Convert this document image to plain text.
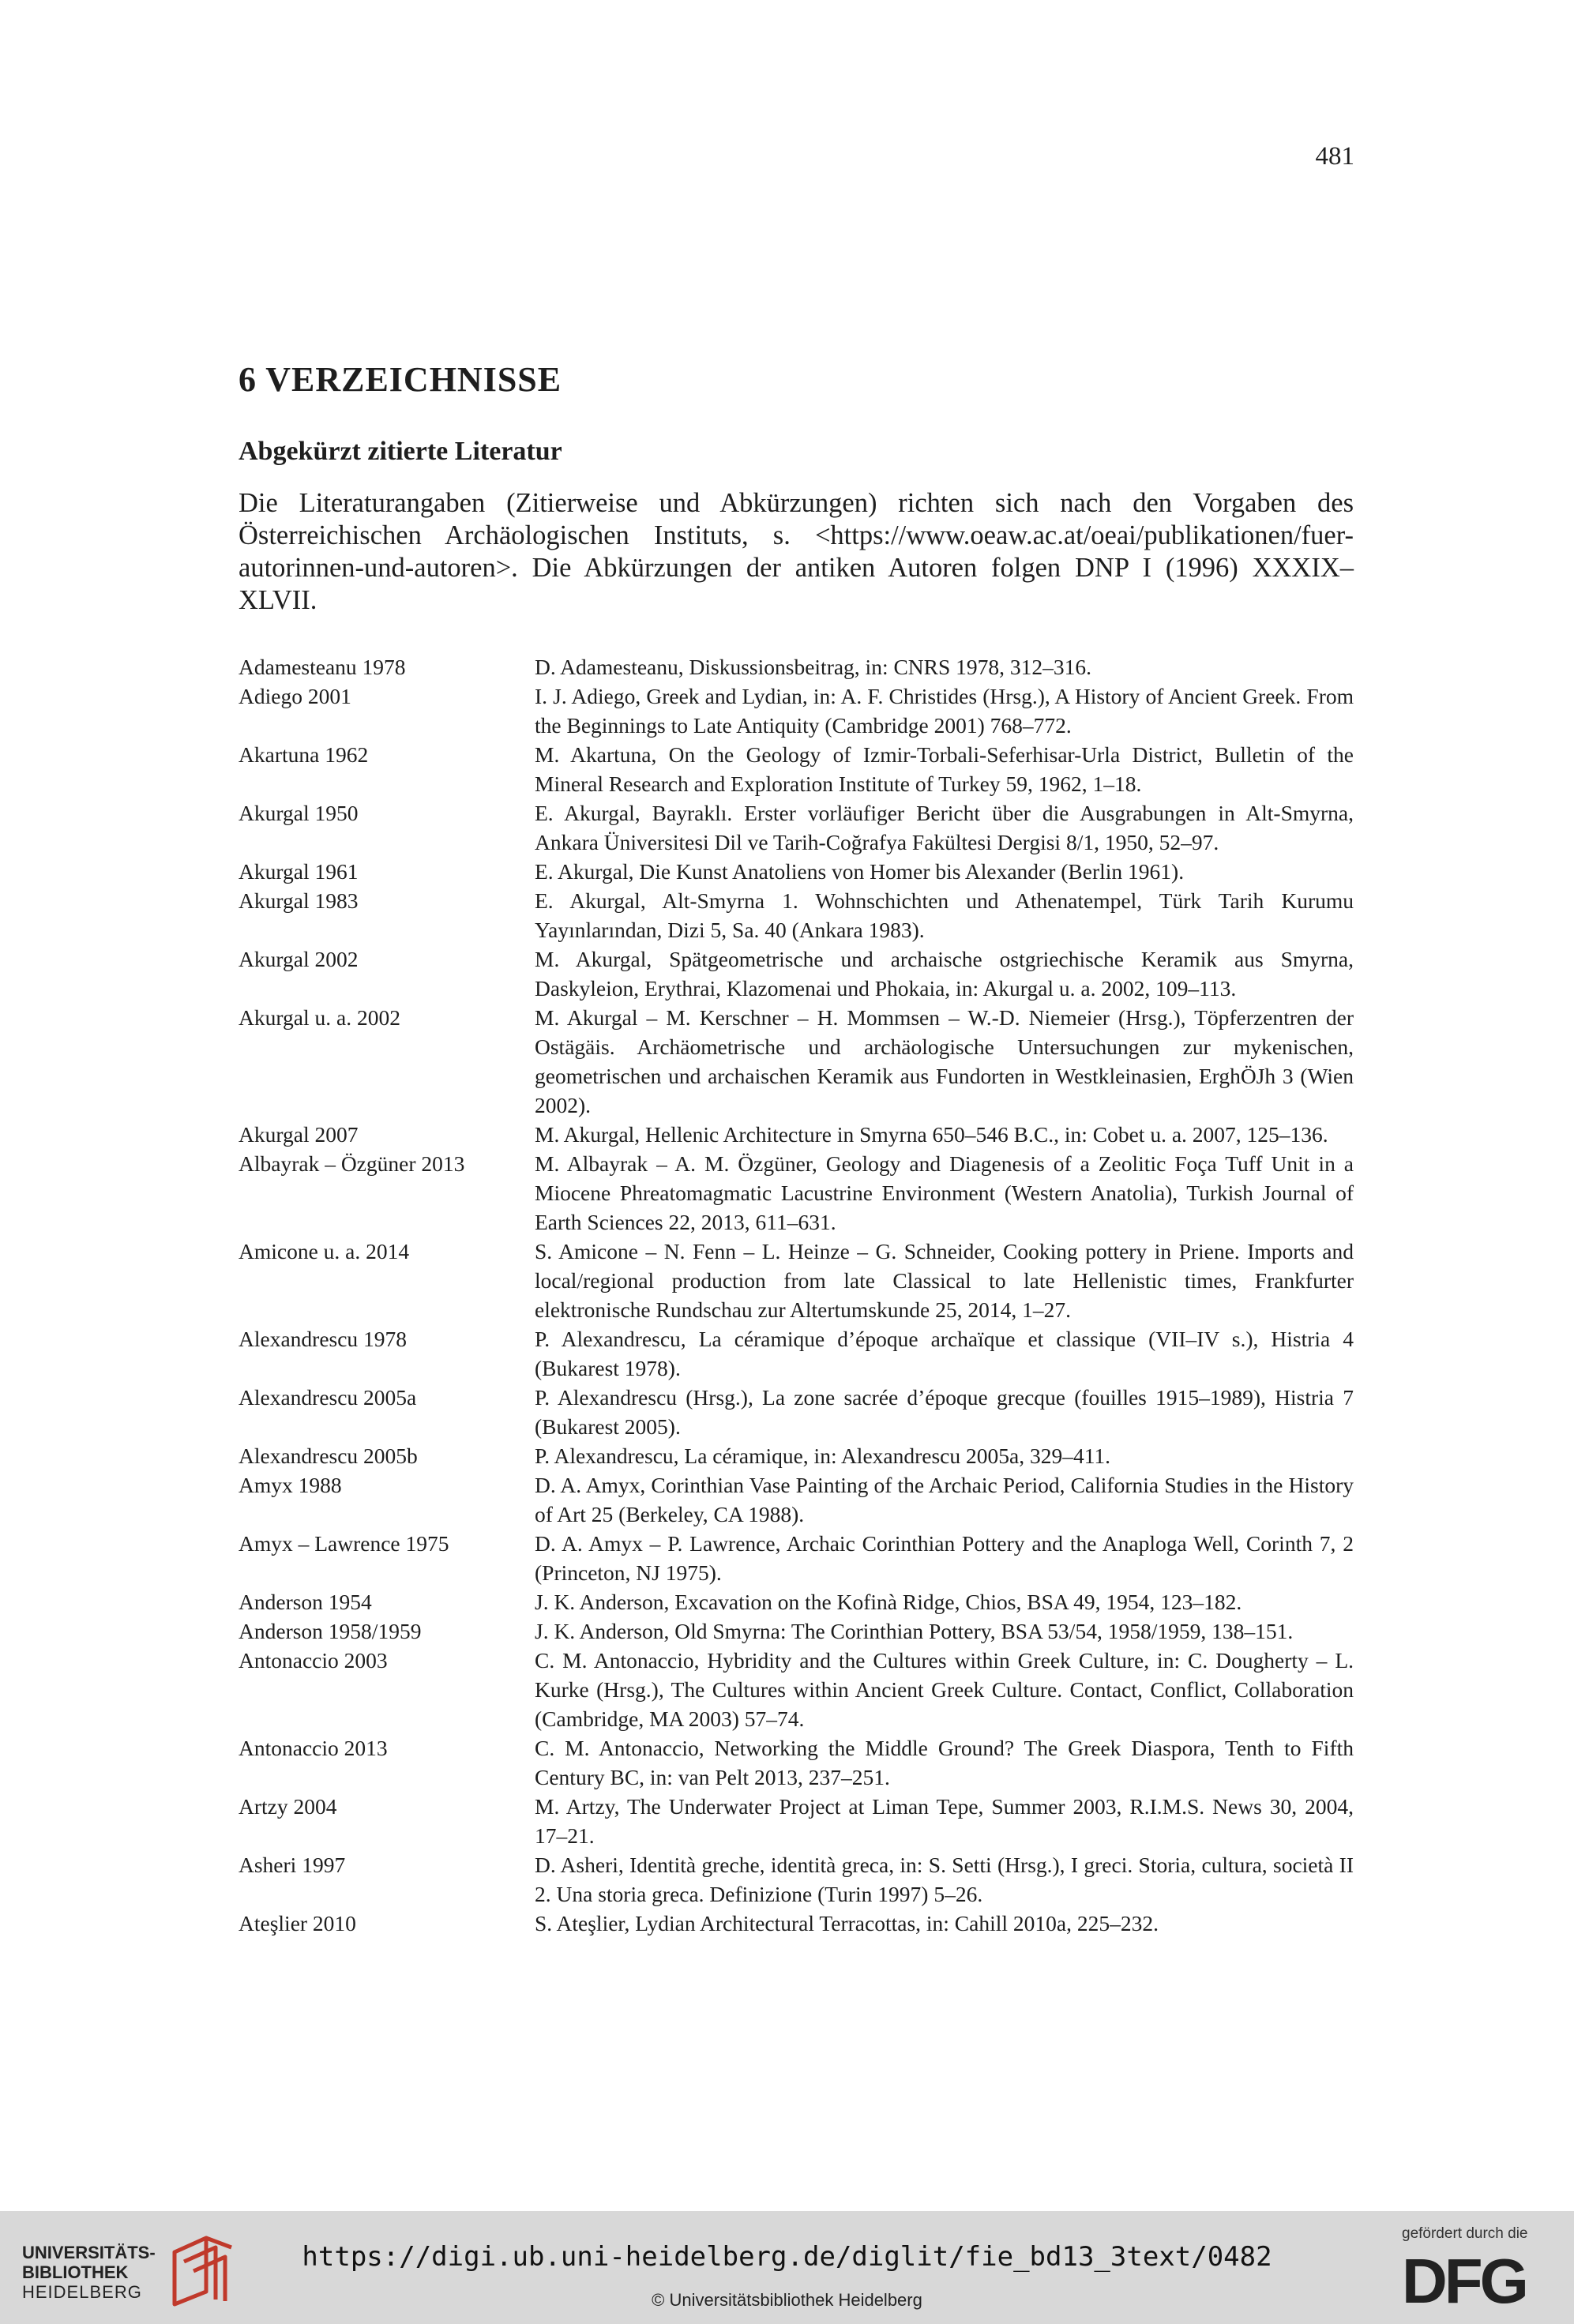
481
6 VERZEICHNISSE
Abgekürzt zitierte Literatur

Die Literaturangaben (Zitierweise und Abkürzungen) richten sich nach den Vorgaben des Österreichischen Archäologischen Instituts, s. <https://www.oeaw.ac.at/oeai/publikationen/fuer-autorinnen-und-autoren>. Die Abkürzungen der antiken Autoren folgen DNP I (1996) XXXIX–XLVII.

Adamesteanu 1978	D. Adamesteanu, Diskussionsbeitrag, in: CNRS 1978, 312–316.
Adiego 2001	I. J. Adiego, Greek and Lydian, in: A. F. Christides (Hrsg.), A History of Ancient Greek. From the Beginnings to Late Antiquity (Cambridge 2001) 768–772.
Akartuna 1962	M. Akartuna, On the Geology of Izmir-Torbali-Seferhisar-Urla District, Bulletin of the Mineral Research and Exploration Institute of Turkey 59, 1962, 1–18.
Akurgal 1950	E. Akurgal, Bayraklı. Erster vorläufiger Bericht über die Ausgrabungen in Alt-Smyrna, Ankara Üniversitesi Dil ve Tarih-Coğrafya Fakültesi Dergisi 8/1, 1950, 52–97.
Akurgal 1961	E. Akurgal, Die Kunst Anatoliens von Homer bis Alexander (Berlin 1961).
Akurgal 1983	E. Akurgal, Alt-Smyrna 1. Wohnschichten und Athenatempel, Türk Tarih Kurumu Yayınlarından, Dizi 5, Sa. 40 (Ankara 1983).
Akurgal 2002	M. Akurgal, Spätgeometrische und archaische ostgriechische Keramik aus Smyrna, Daskyleion, Erythrai, Klazomenai und Phokaia, in: Akurgal u. a. 2002, 109–113.
Akurgal u. a. 2002	M. Akurgal – M. Kerschner – H. Mommsen – W.-D. Niemeier (Hrsg.), Töpferzentren der Ostägäis. Archäometrische und archäologische Untersuchungen zur mykenischen, geometrischen und archaischen Keramik aus Fundorten in Westkleinasien, ErghÖJh 3 (Wien 2002).
Akurgal 2007	M. Akurgal, Hellenic Architecture in Smyrna 650–546 B.C., in: Cobet u. a. 2007, 125–136.
Albayrak – Özgüner 2013	M. Albayrak – A. M. Özgüner, Geology and Diagenesis of a Zeolitic Foça Tuff Unit in a Miocene Phreatomagmatic Lacustrine Environment (Western Anatolia), Turkish Journal of Earth Sciences 22, 2013, 611–631.
Amicone u. a. 2014	S. Amicone – N. Fenn – L. Heinze – G. Schneider, Cooking pottery in Priene. Imports and local/regional production from late Classical to late Hellenistic times, Frankfurter elektronische Rundschau zur Altertumskunde 25, 2014, 1–27.
Alexandrescu 1978	P. Alexandrescu, La céramique d’époque archaïque et classique (VII–IV s.), Histria 4 (Bukarest 1978).
Alexandrescu 2005a	P. Alexandrescu (Hrsg.), La zone sacrée d’époque grecque (fouilles 1915–1989), Histria 7 (Bukarest 2005).
Alexandrescu 2005b	P. Alexandrescu, La céramique, in: Alexandrescu 2005a, 329–411.
Amyx 1988	D. A. Amyx, Corinthian Vase Painting of the Archaic Period, California Studies in the History of Art 25 (Berkeley, CA 1988).
Amyx – Lawrence 1975	D. A. Amyx – P. Lawrence, Archaic Corinthian Pottery and the Anaploga Well, Corinth 7, 2 (Princeton, NJ 1975).
Anderson 1954	J. K. Anderson, Excavation on the Kofinà Ridge, Chios, BSA 49, 1954, 123–182.
Anderson 1958/1959	J. K. Anderson, Old Smyrna: The Corinthian Pottery, BSA 53/54, 1958/1959, 138–151.
Antonaccio 2003	C. M. Antonaccio, Hybridity and the Cultures within Greek Culture, in: C. Dougherty – L. Kurke (Hrsg.), The Cultures within Ancient Greek Culture. Contact, Conflict, Collaboration (Cambridge, MA 2003) 57–74.
Antonaccio 2013	C. M. Antonaccio, Networking the Middle Ground? The Greek Diaspora, Tenth to Fifth Century BC, in: van Pelt 2013, 237–251.
Artzy 2004	M. Artzy, The Underwater Project at Liman Tepe, Summer 2003, R.I.M.S. News 30, 2004, 17–21.
Asheri 1997	D. Asheri, Identità greche, identità greca, in: S. Setti (Hrsg.), I greci. Storia, cultura, società II 2. Una storia greca. Definizione (Turin 1997) 5–26.
Ateşlier 2010	S. Ateşlier, Lydian Architectural Terracottas, in: Cahill 2010a, 225–232.
UNIVERSITÄTS-
BIBLIOTHEK
HEIDELBERG
https://digi.ub.uni-heidelberg.de/diglit/fie_bd13_3text/0482
© Universitätsbibliothek Heidelberg
gefördert durch die
DFG
